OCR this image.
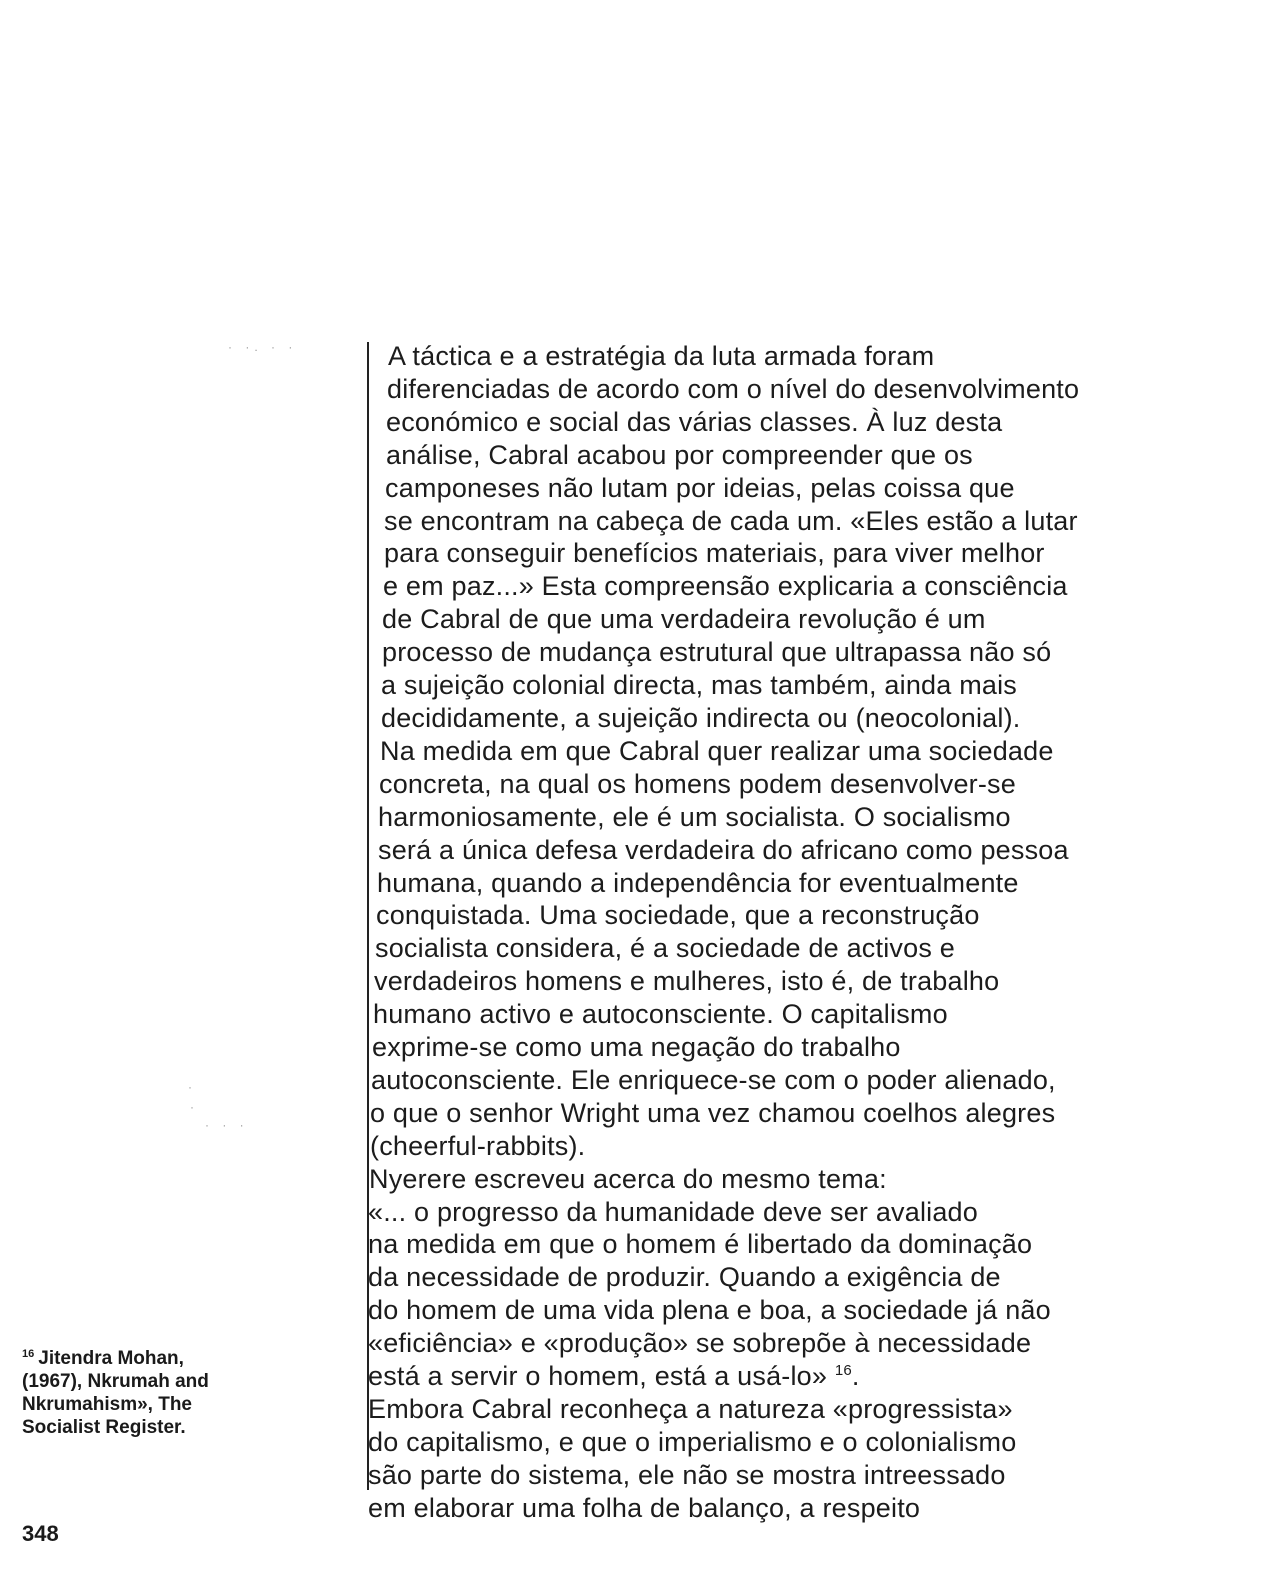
· ·. · ·
·
·
· · ·
A táctica e a estratégia da luta armada foram
diferenciadas de acordo com o nível do desenvolvimento
económico e social das várias classes. À luz desta
análise, Cabral acabou por compreender que os
camponeses não lutam por ideias, pelas coissa que
se encontram na cabeça de cada um. «Eles estão a lutar
para conseguir benefícios materiais, para viver melhor
e em paz...» Esta compreensão explicaria a consciência
de Cabral de que uma verdadeira revolução é um
processo de mudança estrutural que ultrapassa não só
a sujeição colonial directa, mas também, ainda mais
decididamente, a sujeição indirecta ou (neocolonial).
Na medida em que Cabral quer realizar uma sociedade
concreta, na qual os homens podem desenvolver-se
harmoniosamente, ele é um socialista. O socialismo
será a única defesa verdadeira do africano como pessoa
humana, quando a independência for eventualmente
conquistada. Uma sociedade, que a reconstrução
socialista considera, é a sociedade de activos e
verdadeiros homens e mulheres, isto é, de trabalho
humano activo e autoconsciente. O capitalismo
exprime-se como uma negação do trabalho
autoconsciente. Ele enriquece-se com o poder alienado,
o que o senhor Wright uma vez chamou coelhos alegres
(cheerful-rabbits).
Nyerere escreveu acerca do mesmo tema:
«... o progresso da humanidade deve ser avaliado
na medida em que o homem é libertado da dominação
da necessidade de produzir. Quando a exigência de
do homem de uma vida plena e boa, a sociedade já não
«eficiência» e «produção» se sobrepõe à necessidade
está a servir o homem, está a usá-lo» $^{16}$.
Embora Cabral reconheça a natureza «progressista»
do capitalismo, e que o imperialismo e o colonialismo
são parte do sistema, ele não se mostra intreessado
em elaborar uma folha de balanço, a respeito
$^{16}$ Jitendra Mohan,
(1967), Nkrumah and
Nkrumahism», The
Socialist Register.
348
